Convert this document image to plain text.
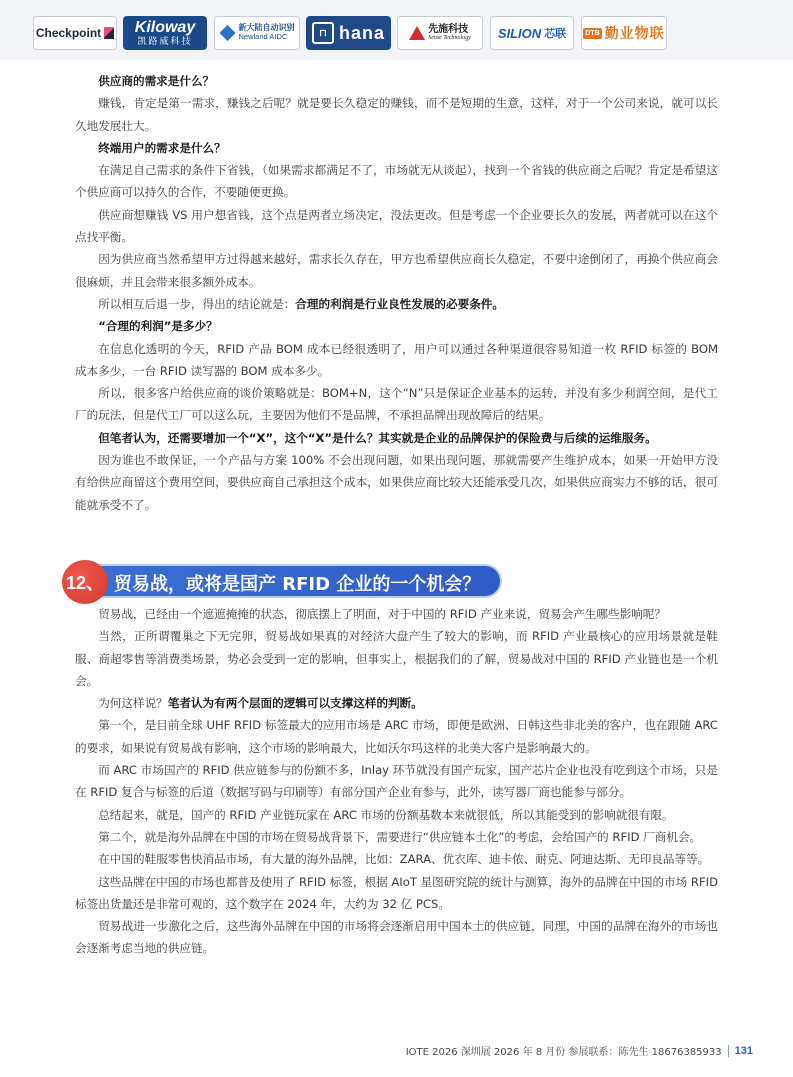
Checkpoint Kiloway
凯路威科技
新大陆自动识别
Newland AIDC	⊓ hana	先施科技
Sense Technology SILION 芯联	DTB 勤业物联

供应商的需求是什么？

赚钱，肯定是第一需求，赚钱之后呢？就是要长久稳定的赚钱，而不是短期的生意，这样，对于一个公司来说，就可以长久地发展壮大。

终端用户的需求是什么？

在满足自己需求的条件下省钱，（如果需求都满足不了，市场就无从谈起），找到一个省钱的供应商之后呢？肯定是希望这个供应商可以持久的合作，不要随便更换。

供应商想赚钱 VS 用户想省钱，这个点是两者立场决定，没法更改。但是考虑一个企业要长久的发展，两者就可以在这个点找平衡。

因为供应商当然希望甲方过得越来越好，需求长久存在，甲方也希望供应商长久稳定，不要中途倒闭了，再换个供应商会很麻烦，并且会带来很多额外成本。

所以相互后退一步，得出的结论就是：合理的利润是行业良性发展的必要条件。

“合理的利润”是多少？

在信息化透明的今天，RFID 产品 BOM 成本已经很透明了，用户可以通过各种渠道很容易知道一枚 RFID 标签的 BOM 成本多少，一台 RFID 读写器的 BOM 成本多少。

所以，很多客户给供应商的谈价策略就是：BOM+N，这个“N”只是保证企业基本的运转，并没有多少利润空间，是代工厂的玩法，但是代工厂可以这么玩，主要因为他们不是品牌，不承担品牌出现故障后的结果。

但笔者认为，还需要增加一个“X”，这个“X”是什么？其实就是企业的品牌保护的保险费与后续的运维服务。

因为谁也不敢保证，一个产品与方案 100% 不会出现问题，如果出现问题，那就需要产生维护成本，如果一开始甲方没有给供应商留这个费用空间，要供应商自己承担这个成本，如果供应商比较大还能承受几次，如果供应商实力不够的话，很可能就承受不了。

12、 贸易战，或将是国产 RFID 企业的一个机会？

贸易战，已经由一个遮遮掩掩的状态，彻底摆上了明面，对于中国的 RFID 产业来说，贸易会产生哪些影响呢？

当然，正所谓覆巢之下无完卵，贸易战如果真的对经济大盘产生了较大的影响，而 RFID 产业最核心的应用场景就是鞋服、商超零售等消费类场景，势必会受到一定的影响，但事实上，根据我们的了解，贸易战对中国的 RFID 产业链也是一个机会。

为何这样说？笔者认为有两个层面的逻辑可以支撑这样的判断。

第一个，是目前全球 UHF RFID 标签最大的应用市场是 ARC 市场，即便是欧洲、日韩这些非北美的客户，也在跟随 ARC 的要求，如果说有贸易战有影响，这个市场的影响最大，比如沃尔玛这样的北美大客户是影响最大的。

而 ARC 市场国产的 RFID 供应链参与的份额不多，Inlay 环节就没有国产玩家，国产芯片企业也没有吃到这个市场，只是在 RFID 复合与标签的后道（数据写码与印刷等）有部分国产企业有参与，此外，读写器厂商也能参与部分。

总结起来，就是，国产的 RFID 产业链玩家在 ARC 市场的份额基数本来就很低，所以其能受到的影响就很有限。

第二个，就是海外品牌在中国的市场在贸易战背景下，需要进行“供应链本土化”的考虑，会给国产的 RFID 厂商机会。

在中国的鞋服零售快消品市场，有大量的海外品牌，比如：ZARA、优衣库、迪卡侬、耐克、阿迪达斯、无印良品等等。

这些品牌在中国的市场也都普及使用了 RFID 标签，根据 AIoT 星图研究院的统计与测算，海外的品牌在中国的市场 RFID 标签出货量还是非常可观的，这个数字在 2024 年，大约为 32 亿 PCS。

贸易战进一步激化之后，这些海外品牌在中国的市场将会逐渐启用中国本土的供应链，同理，中国的品牌在海外的市场也会逐渐考虑当地的供应链。

IOTE 2026 深圳展 2026 年 8 月份 参展联系：陈先生 18676385933 131
